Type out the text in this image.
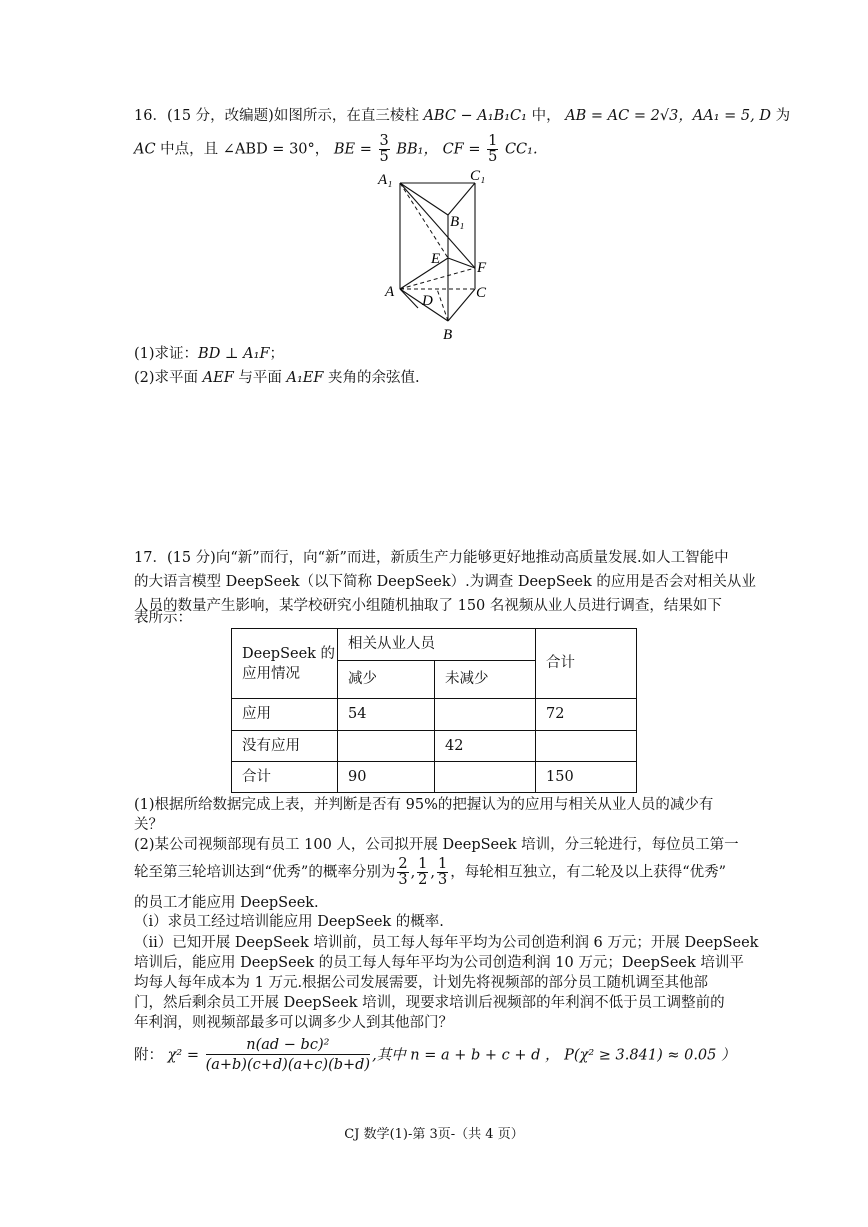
16．(15 分，改编题)如图所示，在直三棱柱 ABC − A₁B₁C₁ 中， AB = AC = 2√3，AA₁ = 5, D 为
AC 中点，且 ∠ABD = 30°， BE = $\frac{3}{5} BB_1$， CF = $\frac{1}{5} CC_1$.
A₁	C₁
B₁
E
F
A
D	C
B
(1)求证：BD ⊥ A₁F；
(2)求平面 AEF 与平面 A₁EF 夹角的余弦值.
17．(15 分)向“新”而行，向“新”而进，新质生产力能够更好地推动高质量发展.如人工智能中
的大语言模型 DeepSeek（以下简称 DeepSeek）.为调查 DeepSeek 的应用是否会对相关从业
人员的数量产生影响，某学校研究小组随机抽取了 150 名视频从业人员进行调查，结果如下
表所示：
DeepSeek 的
应用情况	相关从业人员		合计
	减少	未减少	
应用	54		72
没有应用		42	
合计	90		150
(1)根据所给数据完成上表，并判断是否有 95%的把握认为的应用与相关从业人员的减少有
关？
(2)某公司视频部现有员工 100 人，公司拟开展 DeepSeek 培训，分三轮进行，每位员工第一
轮至第三轮培训达到“优秀”的概率分别为 $\frac{2}{3}$ , $\frac{1}{2}$ , $\frac{1}{3}$ ，每轮相互独立，有二轮及以上获得“优秀”
的员工才能应用 DeepSeek.
（i）求员工经过培训能应用 DeepSeek 的概率.
（ii）已知开展 DeepSeek 培训前，员工每人每年平均为公司创造利润 6 万元；开展 DeepSeek
培训后，能应用 DeepSeek 的员工每人每年平均为公司创造利润 10 万元；DeepSeek 培训平
均每人每年成本为 1 万元.根据公司发展需要，计划先将视频部的部分员工随机调至其他部
门，然后剩余员工开展 DeepSeek 培训，现要求培训后视频部的年利润不低于员工调整前的
年利润，则视频部最多可以调多少人到其他部门？
附： $\chi^2 = \frac{\text{n(ad − bc)²}}{(a+b)(c+d)(a+c)(b+d)}$ ,其中 n = a + b + c + d ， P(χ² ≥ 3.841) ≈ 0.05 ）
CJ 数学(1)-第 3页-（共 4 页）
